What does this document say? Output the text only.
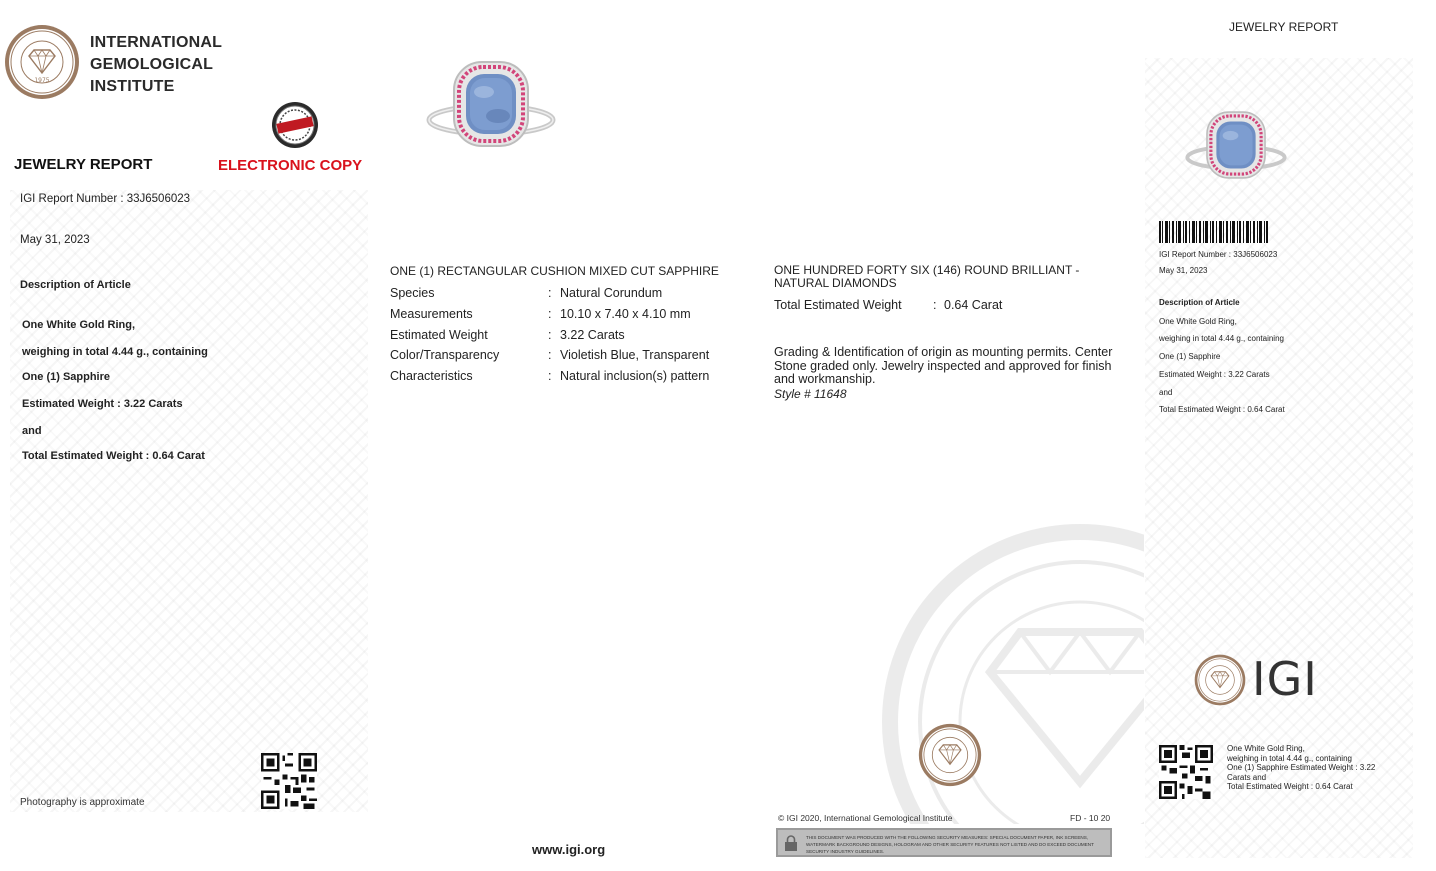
1975
INTERNATIONAL
GEMOLOGICAL
INSTITUTE
JEWELRY REPORT	ELECTRONIC COPY
IGI Report Number : 33J6506023
May 31, 2023
Description of Article
One White Gold Ring,
weighing in total 4.44 g., containing
One (1) Sapphire
Estimated Weight : 3.22 Carats
and
Total Estimated Weight : 0.64 Carat
Photography is approximate
ONE (1) RECTANGULAR CUSHION MIXED CUT SAPPHIRE
Species	: Natural Corundum
Measurements	: 10.10 x 7.40 x 4.10 mm
Estimated Weight	: 3.22 Carats
Color/Transparency	: Violetish Blue, Transparent
Characteristics	: Natural inclusion(s) pattern
ONE HUNDRED FORTY SIX (146) ROUND BRILLIANT - NATURAL DIAMONDS
Total Estimated Weight	: 0.64 Carat
Grading & Identification of origin as mounting permits. Center Stone graded only. Jewelry inspected and approved for finish and workmanship.
Style # 11648
www.igi.org
© IGI 2020, International Gemological Institute	FD - 10 20
THIS DOCUMENT WAS PRODUCED WITH THE FOLLOWING SECURITY MEASURES: SPECIAL DOCUMENT PAPER, INK SCREENS, WATERMARK BACKGROUND DESIGNS, HOLOGRAM AND OTHER SECURITY FEATURES NOT LISTED AND DO EXCEED DOCUMENT SECURITY INDUSTRY GUIDELINES.
JEWELRY REPORT
IGI Report Number : 33J6506023
May 31, 2023
Description of Article
One White Gold Ring,
weighing in total 4.44 g., containing
One (1) Sapphire
Estimated Weight : 3.22 Carats
and
Total Estimated Weight : 0.64 Carat
IGI
One White Gold Ring,
weighing in total 4.44 g., containing
One (1) Sapphire Estimated Weight : 3.22
Carats and
Total Estimated Weight : 0.64 Carat
